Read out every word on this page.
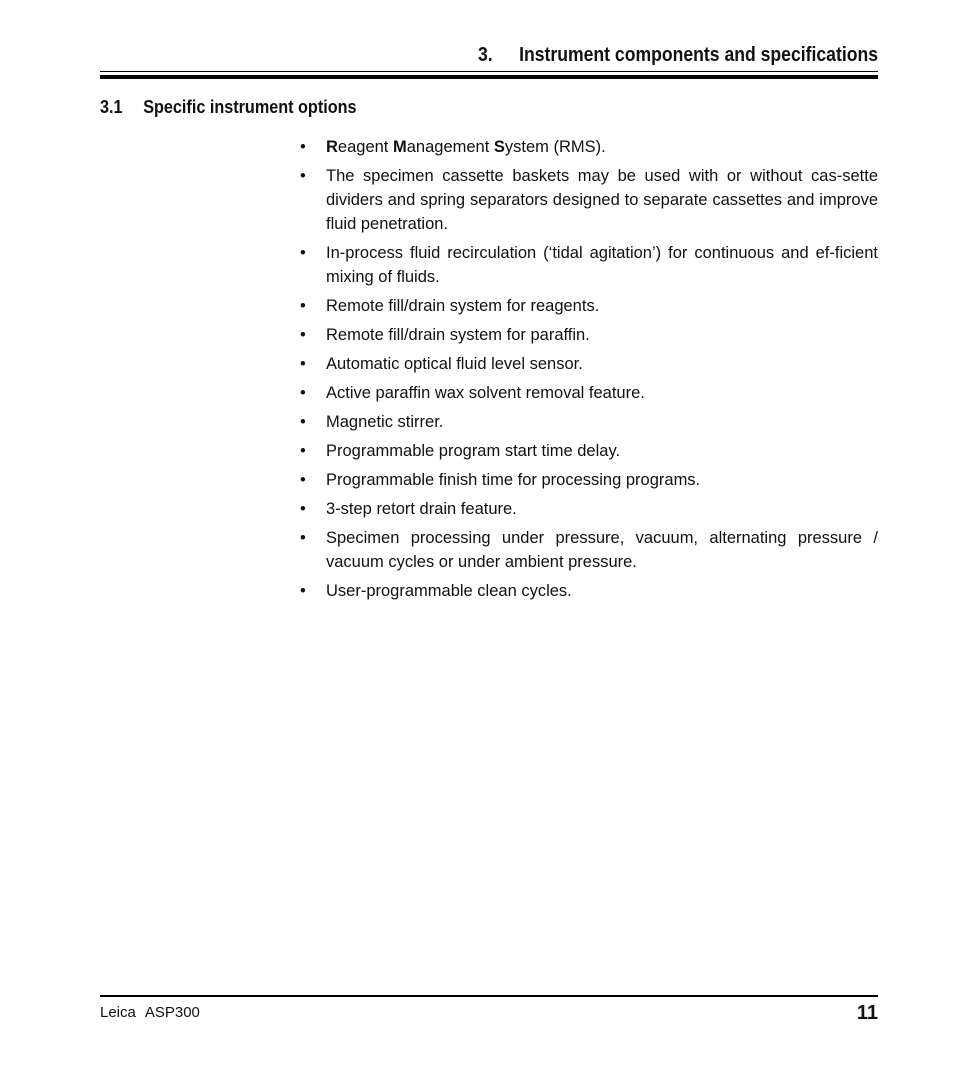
3. Instrument components and specifications
3.1 Specific instrument options
•	Reagent Management System (RMS).
•	The specimen cassette baskets may be used with or without cas-sette dividers and spring separators designed to separate cassettes and improve fluid penetration.
•	In-process fluid recirculation (‘tidal agitation’) for continuous and ef-ficient mixing of fluids.
•	Remote fill/drain system for reagents.
•	Remote fill/drain system for paraffin.
•	Automatic optical fluid level sensor.
•	Active paraffin wax solvent removal feature.
•	Magnetic stirrer.
•	Programmable program start time delay.
•	Programmable finish time for processing programs.
•	3-step retort drain feature.
•	Specimen processing under pressure, vacuum, alternating pressure / vacuum cycles or under ambient pressure.
•	User-programmable clean cycles.
Leica ASP300	11
